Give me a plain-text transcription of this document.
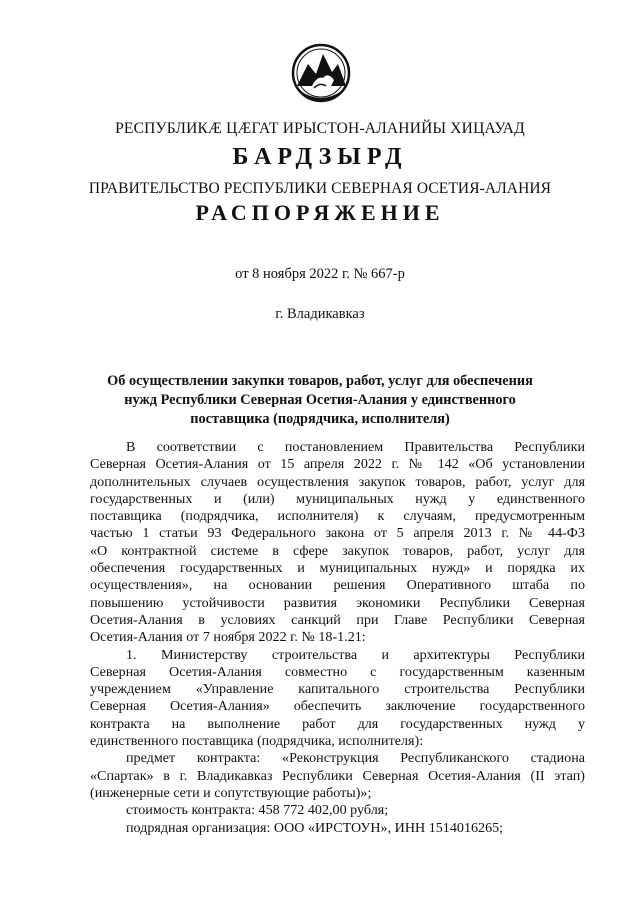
РЕСПУБЛИКӔ ЦӔГАТ ИРЫСТОН-АЛАНИЙЫ ХИЦАУАД
БАРДЗЫРД
ПРАВИТЕЛЬСТВО РЕСПУБЛИКИ СЕВЕРНАЯ ОСЕТИЯ-АЛАНИЯ
РАСПОРЯЖЕНИЕ
от 8 ноября 2022 г. № 667-р
г. Владикавказ
Об осуществлении закупки товаров, работ, услуг для обеспечения
нужд Республики Северная Осетия-Алания у единственного
поставщика (подрядчика, исполнителя)
В соответствии с постановлением Правительства Республики
Северная Осетия-Алания от 15 апреля 2022 г. № 142 «Об установлении
дополнительных случаев осуществления закупок товаров, работ, услуг для
государственных и (или) муниципальных нужд у единственного
поставщика (подрядчика, исполнителя) к случаям, предусмотренным
частью 1 статьи 93 Федерального закона от 5 апреля 2013 г. № 44-ФЗ
«О контрактной системе в сфере закупок товаров, работ, услуг для
обеспечения государственных и муниципальных нужд» и порядка их
осуществления», на основании решения Оперативного штаба по
повышению устойчивости развития экономики Республики Северная
Осетия-Алания в условиях санкций при Главе Республики Северная
Осетия-Алания от 7 ноября 2022 г. № 18-1.21:
1. Министерству строительства и архитектуры Республики
Северная Осетия-Алания совместно с государственным казенным
учреждением «Управление капитального строительства Республики
Северная Осетия-Алания» обеспечить заключение государственного
контракта на выполнение работ для государственных нужд у
единственного поставщика (подрядчика, исполнителя):
предмет контракта: «Реконструкция Республиканского стадиона
«Спартак» в г. Владикавказ Республики Северная Осетия-Алания (II этап)
(инженерные сети и сопутствующие работы)»;
стоимость контракта: 458 772 402,00 рубля;
подрядная организация: ООО «ИРСТОУН», ИНН 1514016265;
